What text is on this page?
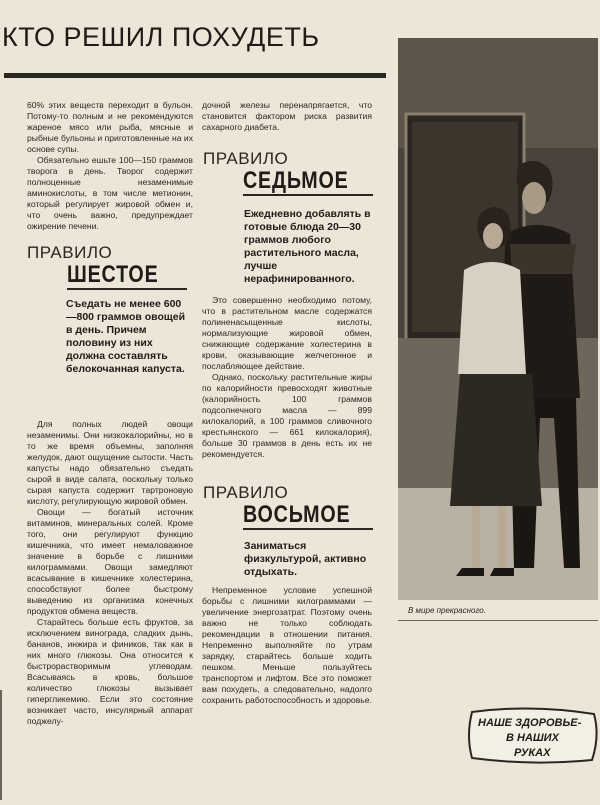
КТО РЕШИЛ ПОХУДЕТЬ

60% этих веществ переходит в бульон. Потому-то полным и не рекомендуются жареное мясо или рыба, мясные и рыбные бульоны и приготовленные на их основе супы.

Обязательно ешьте 100—150 граммов творога в день. Творог содержит полноценные незаменимые аминокислоты, в том числе метионин, который регулирует жировой обмен и, что очень важно, предупреждает ожирение печени.

ПРАВИЛО
ШЕСТОЕ
Съедать не менее 600—800 граммов овощей в день. Причем половину из них должна составлять белокочанная капуста.

Для полных людей овощи незаменимы. Они низкокалорийны, но в то же время объемны, заполняя желудок, дают ощущение сытости. Часть капусты надо обязательно съедать сырой в виде салата, поскольку только сырая капуста содержит тартроновую кислоту, регулирующую жировой обмен.

Овощи — богатый источник витаминов, минеральных солей. Кроме того, они регулируют функцию кишечника, что имеет немаловажное значение в борьбе с лишними килограммами. Овощи замедляют всасывание в кишечнике холестерина, способствуют более быстрому выведению из организма конечных продуктов обмена веществ.

Старайтесь больше есть фруктов, за исключением винограда, сладких дынь, бананов, инжира и фиников, так как в них много глюкозы. Она относится к быстрорастворимым углеводам. Всасываясь в кровь, большое количество глюкозы вызывает гипергликемию. Если это состояние возникает часто, инсулярный аппарат поджелу-

дочной железы перенапрягается, что становится фактором риска развития сахарного диабета.

ПРАВИЛО
СЕДЬМОЕ
Ежедневно добавлять в готовые блюда 20—30 граммов любого растительного масла, лучше нерафинированного.

Это совершенно необходимо потому, что в растительном масле содержатся полиненасыщенные кислоты, нормализующие жировой обмен, снижающие содержание холестерина в крови, оказывающие желчегонное и послабляющее действие.

Однако, поскольку растительные жиры по калорийности превосходят животные (калорийность 100 граммов подсолнечного масла — 899 килокалорий, а 100 граммов сливочного крестьянского — 661 килокалория), больше 30 граммов в день есть их не рекомендуется.

ПРАВИЛО
ВОСЬМОЕ
Заниматься физкультурой, активно отдыхать.

Непременное условие успешной борьбы с лишними килограммами — увеличение энергозатрат. Поэтому очень важно не только соблюдать рекомендации в отношении питания. Непременно выполняйте по утрам зарядку, старайтесь больше ходить пешком. Меньше пользуйтесь транспортом и лифтом. Все это поможет вам похудеть, а следовательно, надолго сохранить работоспособность и здоровье.

В мире прекрасного.
НАШЕ ЗДОРОВЬЕ-
В НАШИХ
РУКАХ
